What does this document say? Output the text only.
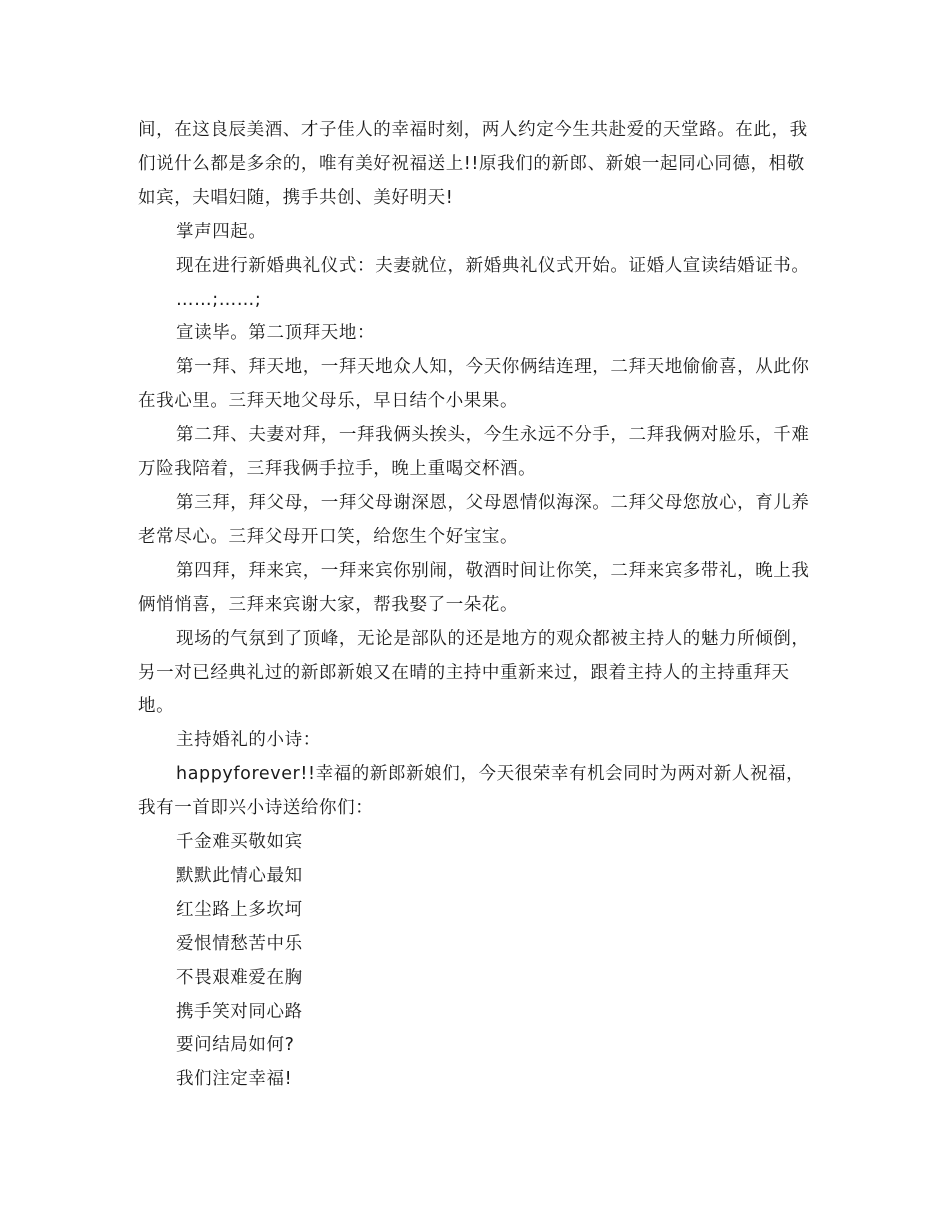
间，在这良辰美酒、才子佳人的幸福时刻，两人约定今生共赴爱的天堂路。在此，我们说什么都是多余的，唯有美好祝福送上!!原我们的新郎、新娘一起同心同德，相敬如宾，夫唱妇随，携手共创、美好明天!

掌声四起。

现在进行新婚典礼仪式：夫妻就位，新婚典礼仪式开始。证婚人宣读结婚证书。

……;……;

宣读毕。第二顶拜天地：

第一拜、拜天地，一拜天地众人知，今天你俩结连理，二拜天地偷偷喜，从此你在我心里。三拜天地父母乐，早日结个小果果。

第二拜、夫妻对拜，一拜我俩头挨头，今生永远不分手，二拜我俩对脸乐，千难万险我陪着，三拜我俩手拉手，晚上重喝交杯酒。

第三拜，拜父母，一拜父母谢深恩，父母恩情似海深。二拜父母您放心，育儿养老常尽心。三拜父母开口笑，给您生个好宝宝。

第四拜，拜来宾，一拜来宾你别闹，敬酒时间让你笑，二拜来宾多带礼，晚上我俩悄悄喜，三拜来宾谢大家，帮我娶了一朵花。

现场的气氛到了顶峰，无论是部队的还是地方的观众都被主持人的魅力所倾倒，另一对已经典礼过的新郎新娘又在晴的主持中重新来过，跟着主持人的主持重拜天地。

主持婚礼的小诗：

happyforever!!幸福的新郎新娘们，今天很荣幸有机会同时为两对新人祝福，我有一首即兴小诗送给你们：

千金难买敬如宾

默默此情心最知

红尘路上多坎坷

爱恨情愁苦中乐

不畏艰难爱在胸

携手笑对同心路

要问结局如何?

我们注定幸福!
